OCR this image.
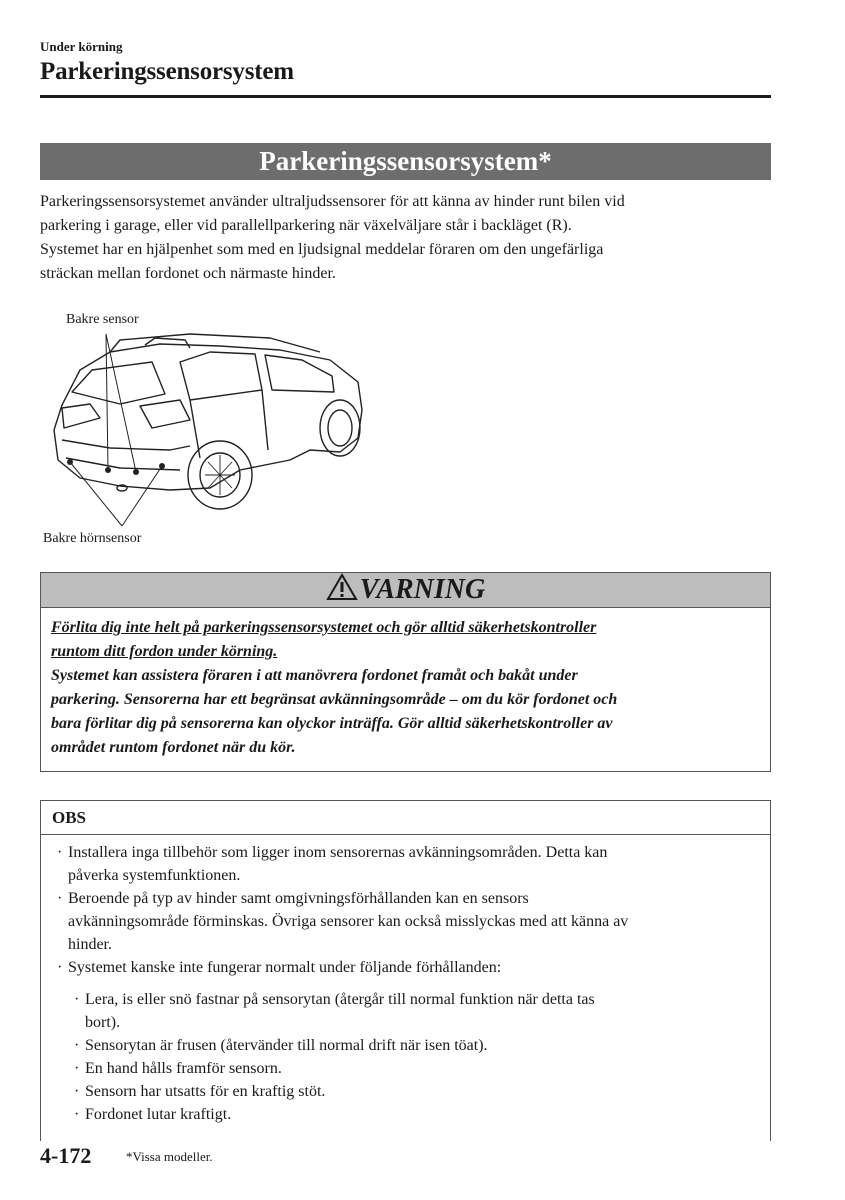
Under körning
Parkeringssensorsystem
Parkeringssensorsystem*
Parkeringssensorsystemet använder ultraljudssensorer för att känna av hinder runt bilen vid
parkering i garage, eller vid parallellparkering när växelväljare står i backläget (R).
Systemet har en hjälpenhet som med en ljudsignal meddelar föraren om den ungefärliga
sträckan mellan fordonet och närmaste hinder.
Bakre sensor
Bakre hörnsensor
VARNING
Förlita dig inte helt på parkeringssensorsystemet och gör alltid säkerhetskontroller
runtom ditt fordon under körning.
Systemet kan assistera föraren i att manövrera fordonet framåt och bakåt under
parkering. Sensorerna har ett begränsat avkänningsområde – om du kör fordonet och
bara förlitar dig på sensorerna kan olyckor inträffa. Gör alltid säkerhetskontroller av
området runtom fordonet när du kör.
OBS
· Installera inga tillbehör som ligger inom sensorernas avkänningsområden. Detta kan
påverka systemfunktionen.
· Beroende på typ av hinder samt omgivningsförhållanden kan en sensors
avkänningsområde förminskas. Övriga sensorer kan också misslyckas med att känna av
hinder.
· Systemet kanske inte fungerar normalt under följande förhållanden:
· Lera, is eller snö fastnar på sensorytan (återgår till normal funktion när detta tas
bort).
· Sensorytan är frusen (återvänder till normal drift när isen töat).
· En hand hålls framför sensorn.
· Sensorn har utsatts för en kraftig stöt.
· Fordonet lutar kraftigt.
4-172	*Vissa modeller.
